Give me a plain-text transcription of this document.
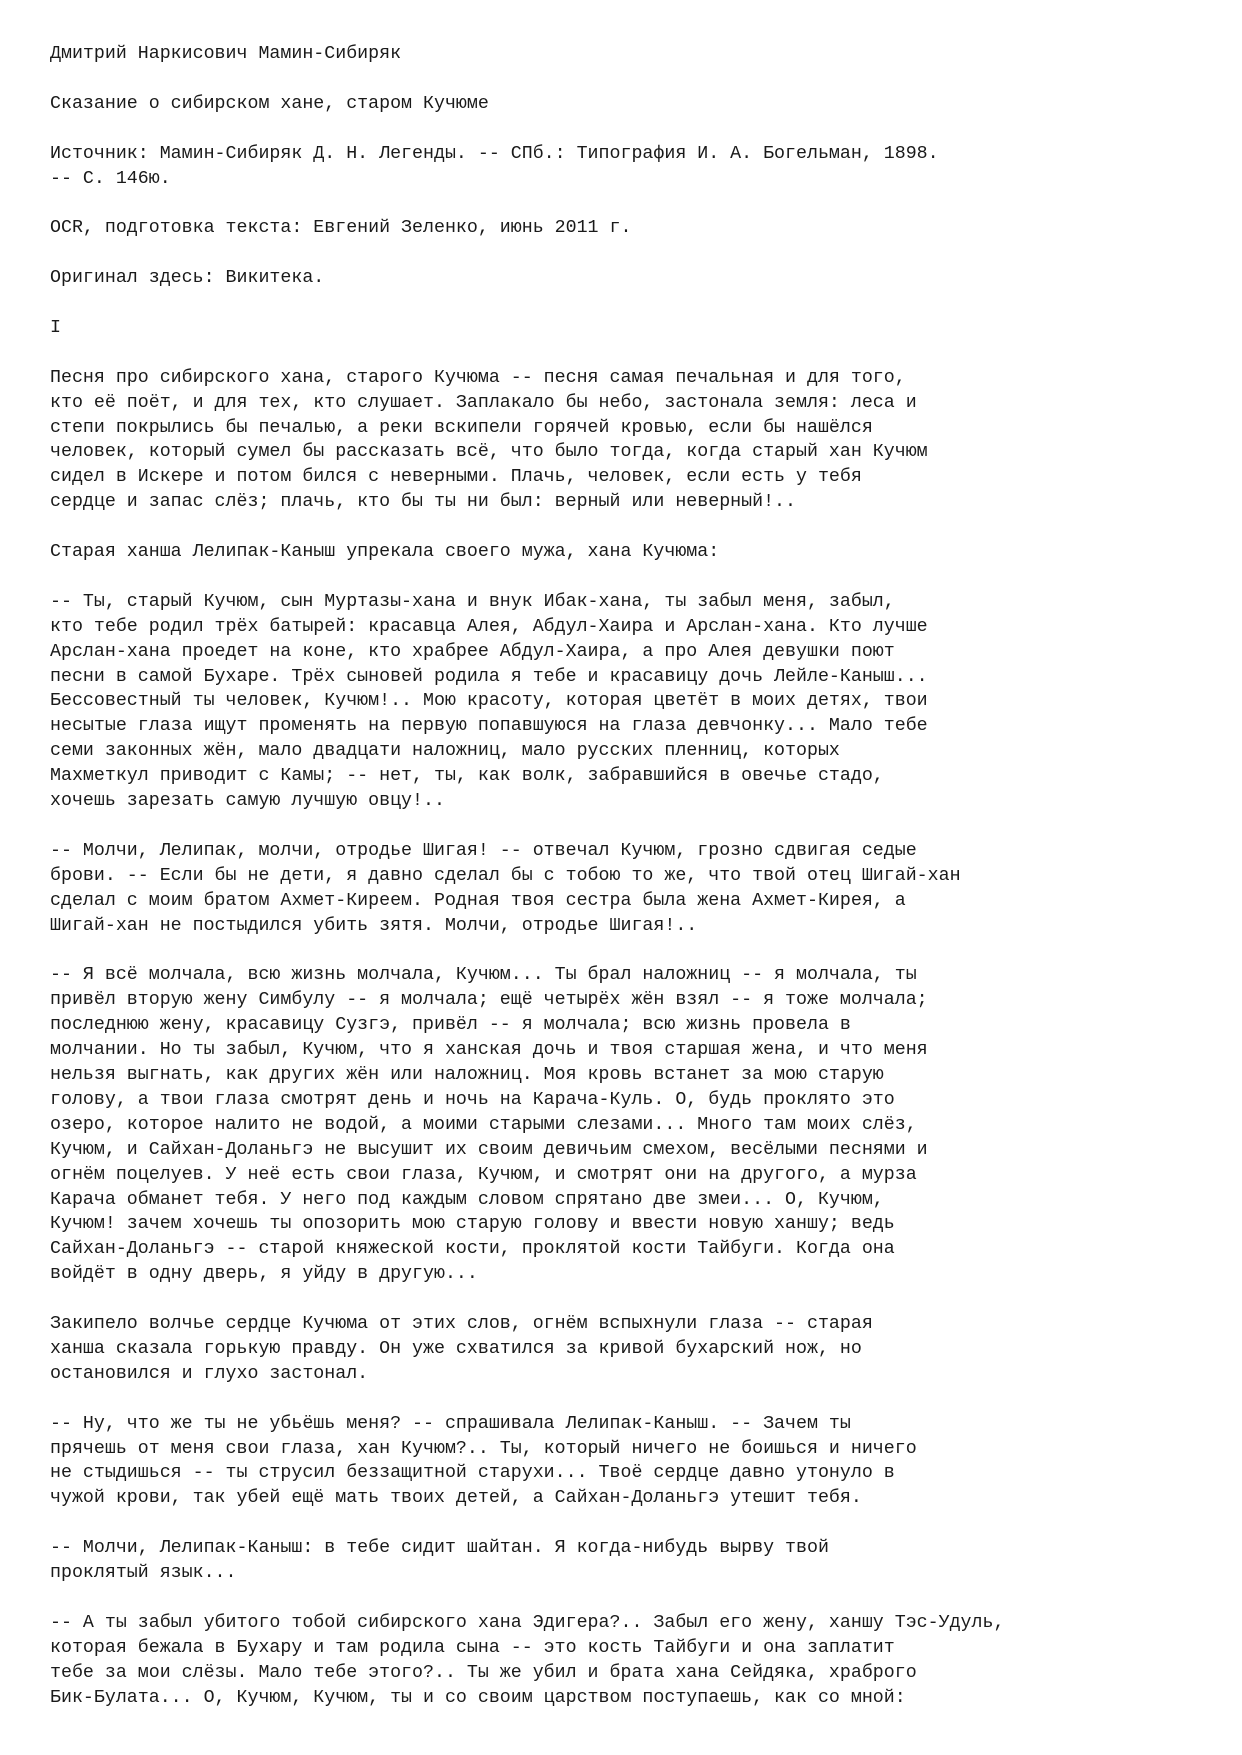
Дмитрий Наркисович Мамин-Сибиряк

Сказание о сибирском хане, старом Кучюме

Источник: Мамин-Сибиряк Д. Н. Легенды. -- СПб.: Типография И. А. Богельман, 1898.
-- С. 146ю.

OCR, подготовка текста: Евгений Зеленко, июнь 2011 г.

Оригинал здесь: Викитека.

I

Песня про сибирского хана, старого Кучюма -- песня самая печальная и для того,
кто её поёт, и для тех, кто слушает. Заплакало бы небо, застонала земля: леса и
степи покрылись бы печалью, а реки вскипели горячей кровью, если бы нашёлся
человек, который сумел бы рассказать всё, что было тогда, когда старый хан Кучюм
сидел в Искере и потом бился с неверными. Плачь, человек, если есть у тебя
сердце и запас слёз; плачь, кто бы ты ни был: верный или неверный!..

Старая ханша Лелипак-Каныш упрекала своего мужа, хана Кучюма:

-- Ты, старый Кучюм, сын Муртазы-хана и внук Ибак-хана, ты забыл меня, забыл,
кто тебе родил трёх батырей: красавца Алея, Абдул-Хаира и Арслан-хана. Кто лучше
Арслан-хана проедет на коне, кто храбрее Абдул-Хаира, а про Алея девушки поют
песни в самой Бухаре. Трёх сыновей родила я тебе и красавицу дочь Лейле-Каныш...
Бессовестный ты человек, Кучюм!.. Мою красоту, которая цветёт в моих детях, твои
несытые глаза ищут променять на первую попавшуюся на глаза девчонку... Мало тебе
семи законных жён, мало двадцати наложниц, мало русских пленниц, которых
Махметкул приводит с Камы; -- нет, ты, как волк, забравшийся в овечье стадо,
хочешь зарезать самую лучшую овцу!..

-- Молчи, Лелипак, молчи, отродье Шигая! -- отвечал Кучюм, грозно сдвигая седые
брови. -- Если бы не дети, я давно сделал бы с тобою то же, что твой отец Шигай-хан
сделал с моим братом Ахмет-Киреем. Родная твоя сестра была жена Ахмет-Кирея, а
Шигай-хан не постыдился убить зятя. Молчи, отродье Шигая!..

-- Я всё молчала, всю жизнь молчала, Кучюм... Ты брал наложниц -- я молчала, ты
привёл вторую жену Симбулу -- я молчала; ещё четырёх жён взял -- я тоже молчала;
последнюю жену, красавицу Сузгэ, привёл -- я молчала; всю жизнь провела в
молчании. Но ты забыл, Кучюм, что я ханская дочь и твоя старшая жена, и что меня
нельзя выгнать, как других жён или наложниц. Моя кровь встанет за мою старую
голову, а твои глаза смотрят день и ночь на Карача-Куль. О, будь проклято это
озеро, которое налито не водой, а моими старыми слезами... Много там моих слёз,
Кучюм, и Сайхан-Доланьгэ не высушит их своим девичьим смехом, весёлыми песнями и
огнём поцелуев. У неё есть свои глаза, Кучюм, и смотрят они на другого, а мурза
Карача обманет тебя. У него под каждым словом спрятано две змеи... О, Кучюм,
Кучюм! зачем хочешь ты опозорить мою старую голову и ввести новую ханшу; ведь
Сайхан-Доланьгэ -- старой княжеской кости, проклятой кости Тайбуги. Когда она
войдёт в одну дверь, я уйду в другую...

Закипело волчье сердце Кучюма от этих слов, огнём вспыхнули глаза -- старая
ханша сказала горькую правду. Он уже схватился за кривой бухарский нож, но
остановился и глухо застонал.

-- Ну, что же ты не убьёшь меня? -- спрашивала Лелипак-Каныш. -- Зачем ты
прячешь от меня свои глаза, хан Кучюм?.. Ты, который ничего не боишься и ничего
не стыдишься -- ты струсил беззащитной старухи... Твоё сердце давно утонуло в
чужой крови, так убей ещё мать твоих детей, а Сайхан-Доланьгэ утешит тебя.

-- Молчи, Лелипак-Каныш: в тебе сидит шайтан. Я когда-нибудь вырву твой
проклятый язык...

-- А ты забыл убитого тобой сибирского хана Эдигера?.. Забыл его жену, ханшу Тэс-Удуль,
которая бежала в Бухару и там родила сына -- это кость Тайбуги и она заплатит
тебе за мои слёзы. Мало тебе этого?.. Ты же убил и брата хана Сейдяка, храброго
Бик-Булата... О, Кучюм, Кучюм, ты и со своим царством поступаешь, как со мной:
